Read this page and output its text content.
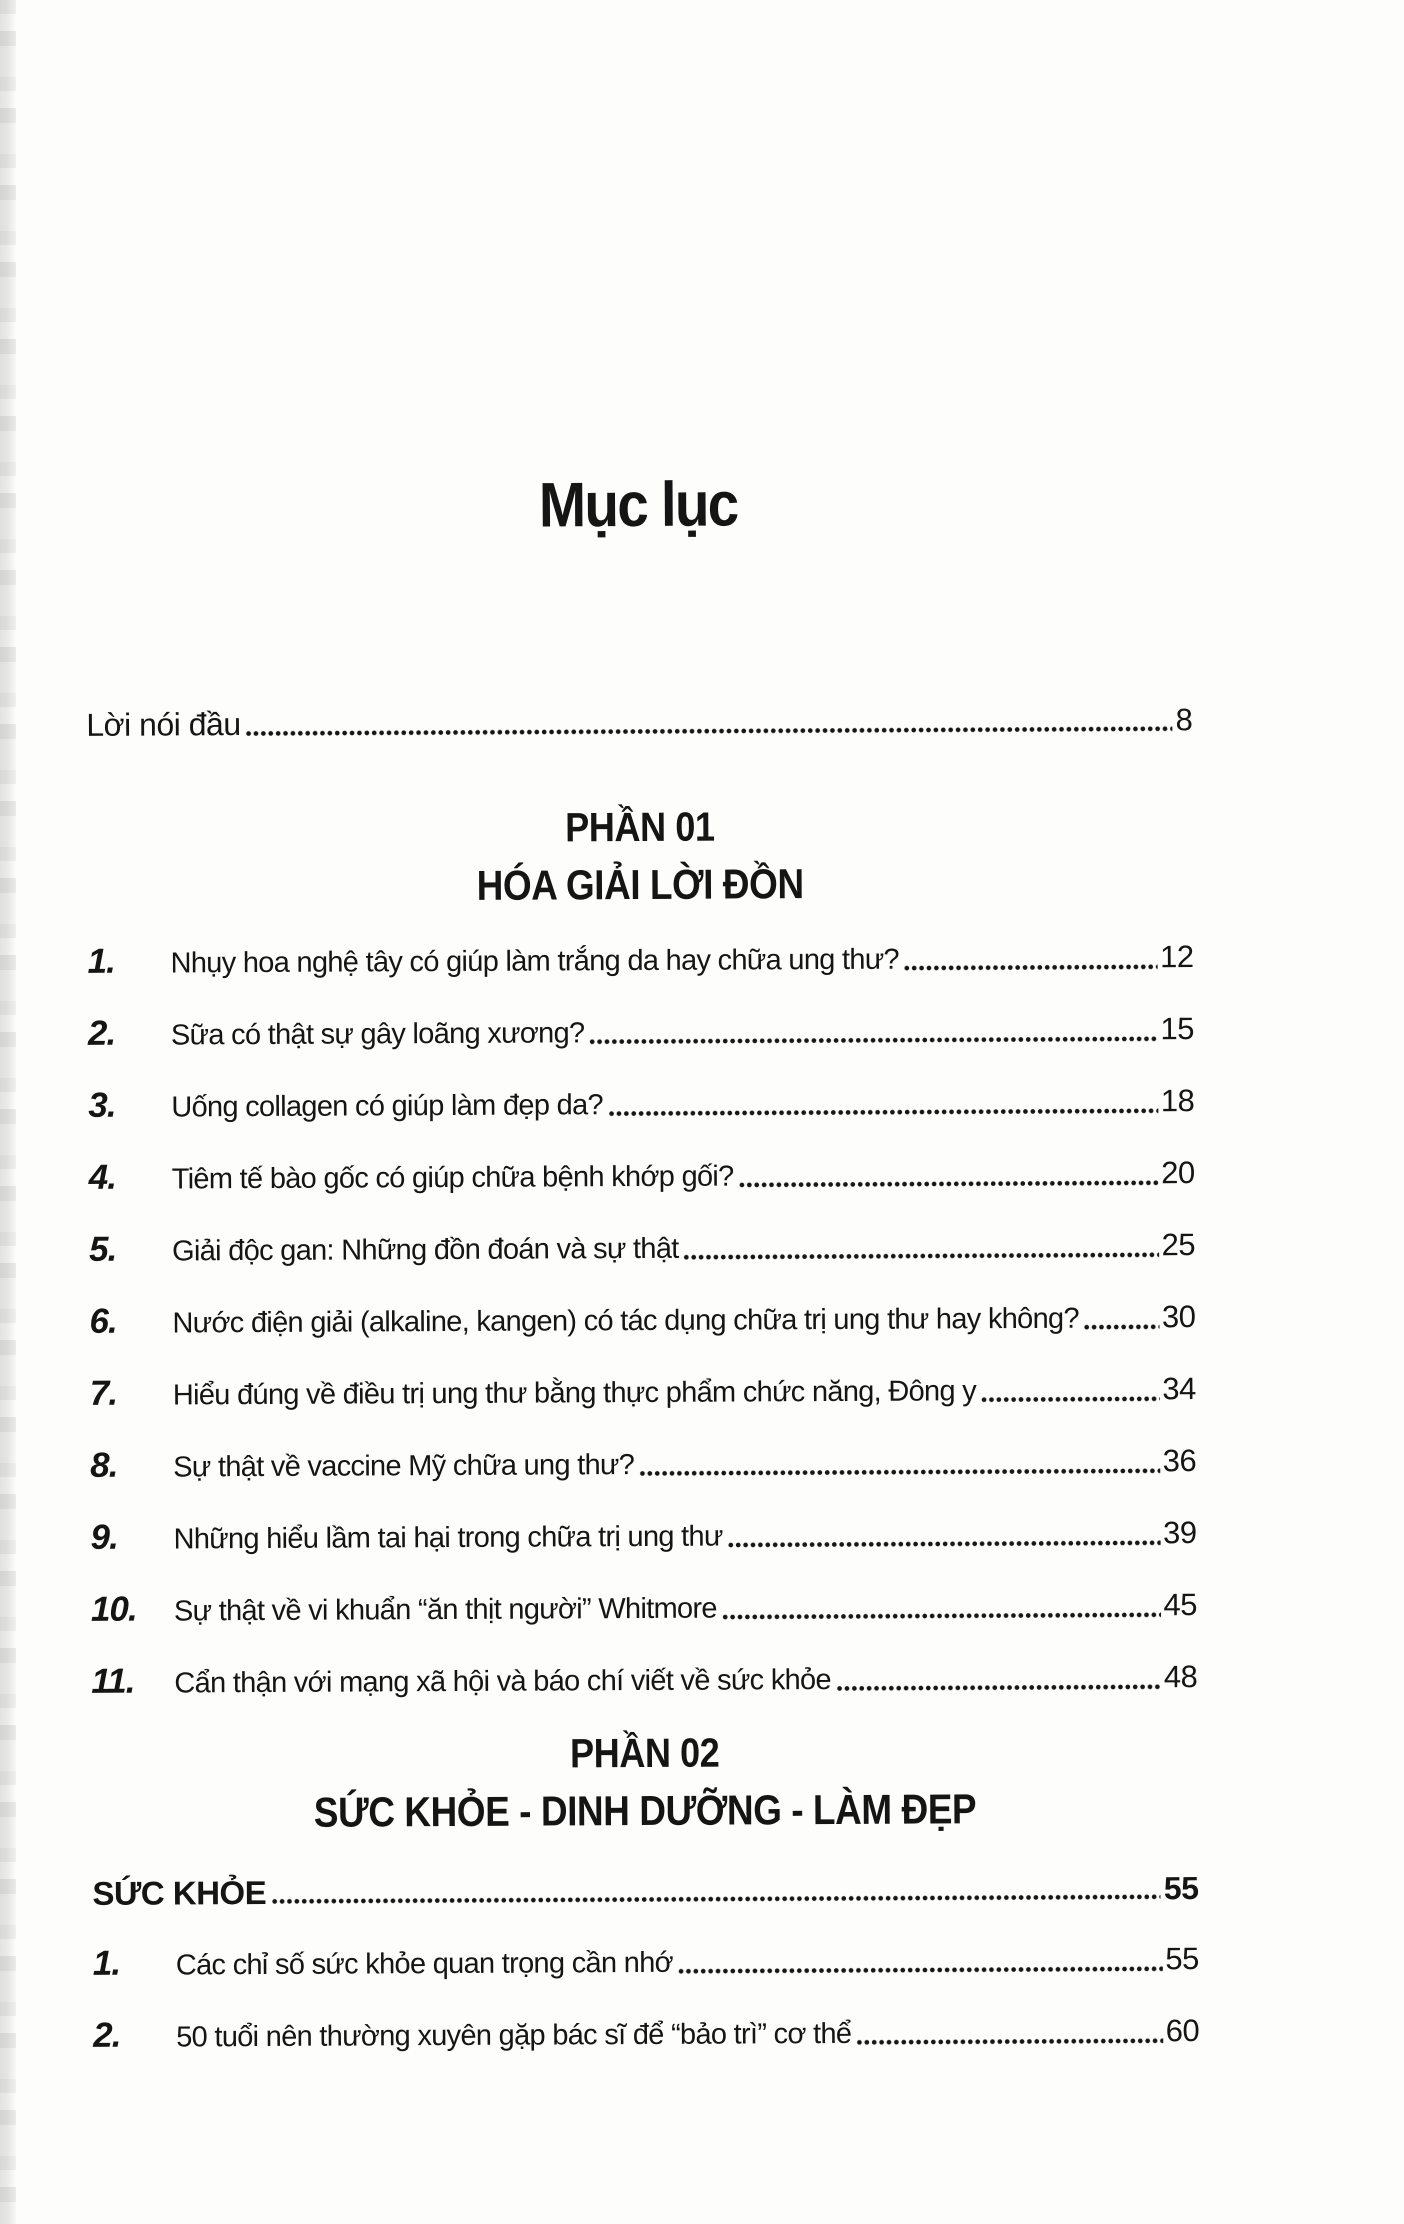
Mục lục
Lời nói đầu	8
PHẦN 01
HÓA GIẢI LỜI ĐỒN
1.	Nhụy hoa nghệ tây có giúp làm trắng da hay chữa ung thư?	12
2.	Sữa có thật sự gây loãng xương?	15
3.	Uống collagen có giúp làm đẹp da?	18
4.	Tiêm tế bào gốc có giúp chữa bệnh khớp gối?	20
5.	Giải độc gan: Những đồn đoán và sự thật	25
6.	Nước điện giải (alkaline, kangen) có tác dụng chữa trị ung thư hay không?	30
7.	Hiểu đúng về điều trị ung thư bằng thực phẩm chức năng, Đông y	34
8.	Sự thật về vaccine Mỹ chữa ung thư?	36
9.	Những hiểu lầm tai hại trong chữa trị ung thư	39
10.	Sự thật về vi khuẩn “ăn thịt người” Whitmore	45
11.	Cẩn thận với mạng xã hội và báo chí viết về sức khỏe	48
PHẦN 02
SỨC KHỎE - DINH DƯỠNG - LÀM ĐẸP
SỨC KHỎE	55
1.	Các chỉ số sức khỏe quan trọng cần nhớ	55
2.	50 tuổi nên thường xuyên gặp bác sĩ để “bảo trì” cơ thể	60
